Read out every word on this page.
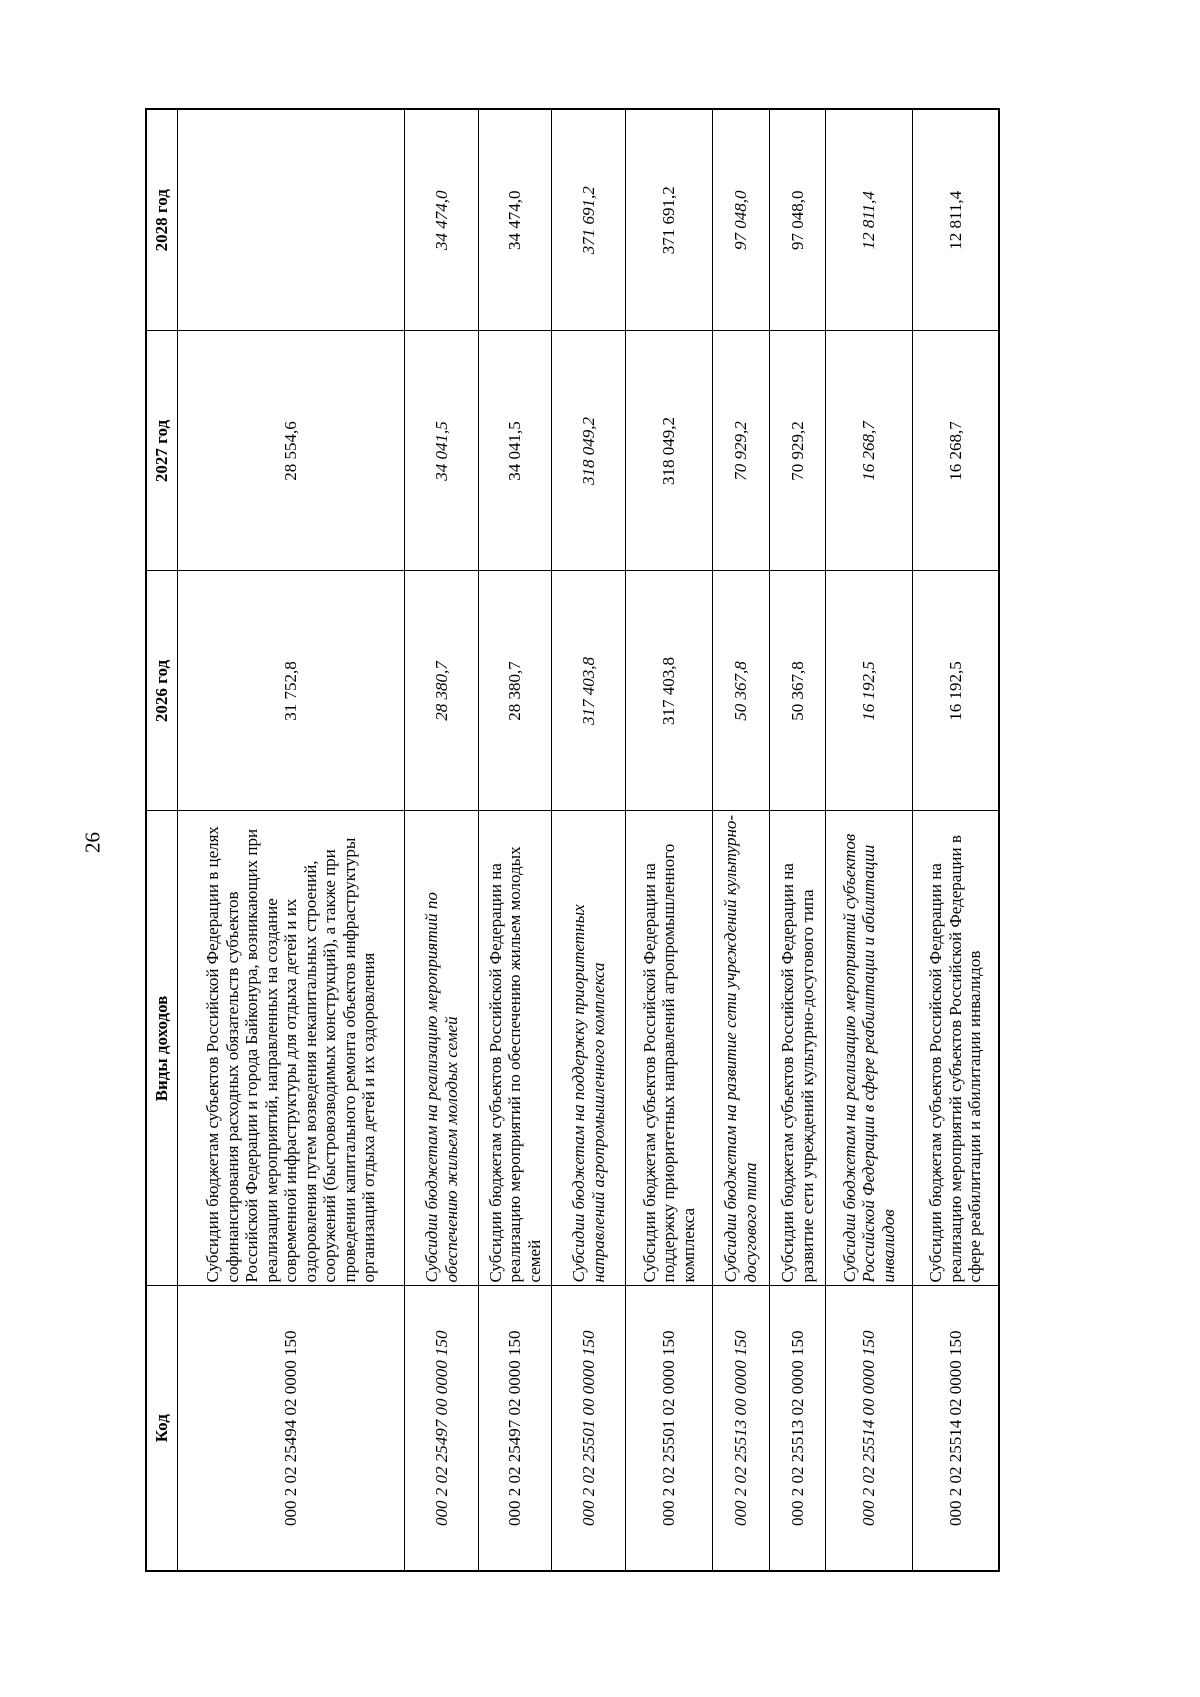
26
Код	Виды доходов	2026 год	2027 год	2028 год
000 2 02 25494 02 0000 150	Субсидии бюджетам субъектов Российской Федерации в целях софинансирования расходных обязательств субъектов Российской Федерации и города Байконура, возникающих при реализации мероприятий, направленных на создание современной инфраструктуры для отдыха детей и их оздоровления путем возведения некапитальных строений, сооружений (быстровозводимых конструкций), а также при проведении капитального ремонта объектов инфраструктуры организаций отдыха детей и их оздоровления	31 752,8	28 554,6	
000 2 02 25497 00 0000 150	Субсидии бюджетам на реализацию мероприятий по обеспечению жильем молодых семей	28 380,7	34 041,5	34 474,0
000 2 02 25497 02 0000 150	Субсидии бюджетам субъектов Российской Федерации на реализацию мероприятий по обеспечению жильем молодых семей	28 380,7	34 041,5	34 474,0
000 2 02 25501 00 0000 150	Субсидии бюджетам на поддержку приоритетных направлений агропромышленного комплекса	317 403,8	318 049,2	371 691,2
000 2 02 25501 02 0000 150	Субсидии бюджетам субъектов Российской Федерации на поддержку приоритетных направлений агропромышленного комплекса	317 403,8	318 049,2	371 691,2
000 2 02 25513 00 0000 150	Субсидии бюджетам на развитие сети учреждений культурно-досугового типа	50 367,8	70 929,2	97 048,0
000 2 02 25513 02 0000 150	Субсидии бюджетам субъектов Российской Федерации на развитие сети учреждений культурно-досугового типа	50 367,8	70 929,2	97 048,0
000 2 02 25514 00 0000 150	Субсидии бюджетам на реализацию мероприятий субъектов Российской Федерации в сфере реабилитации и абилитации инвалидов	16 192,5	16 268,7	12 811,4
000 2 02 25514 02 0000 150	Субсидии бюджетам субъектов Российской Федерации на реализацию мероприятий субъектов Российской Федерации в сфере реабилитации и абилитации инвалидов	16 192,5	16 268,7	12 811,4
